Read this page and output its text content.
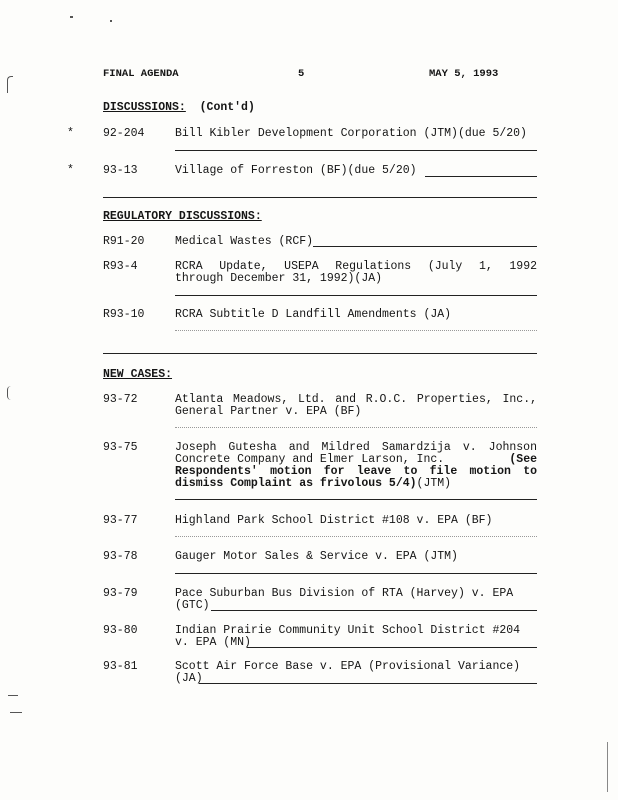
FINAL AGENDA	5	MAY 5, 1993
DISCUSSIONS: (Cont'd)
*	92-204	Bill Kibler Development Corporation (JTM)(due 5/20)
*	93-13	Village of Forreston (BF)(due 5/20)
REGULATORY DISCUSSIONS:
R91-20	Medical Wastes (RCF)
R93-4	RCRA Update, USEPA Regulations (July 1, 1992
through December 31, 1992)(JA)
R93-10	RCRA Subtitle D Landfill Amendments (JA)
NEW CASES:
93-72	Atlanta Meadows, Ltd. and R.O.C. Properties, Inc.,
General Partner v. EPA (BF)
93-75	Joseph Gutesha and Mildred Samardzija v. Johnson
Concrete Company and Elmer Larson, Inc.	(See
Respondents' motion for leave to file motion to
dismiss Complaint as frivolous 5/4)(JTM)
93-77	Highland Park School District #108 v. EPA (BF)
93-78	Gauger Motor Sales & Service v. EPA (JTM)
93-79	Pace Suburban Bus Division of RTA (Harvey) v. EPA
(GTC)
93-80	Indian Prairie Community Unit School District #204
v. EPA (MN)
93-81	Scott Air Force Base v. EPA (Provisional Variance)
(JA)
